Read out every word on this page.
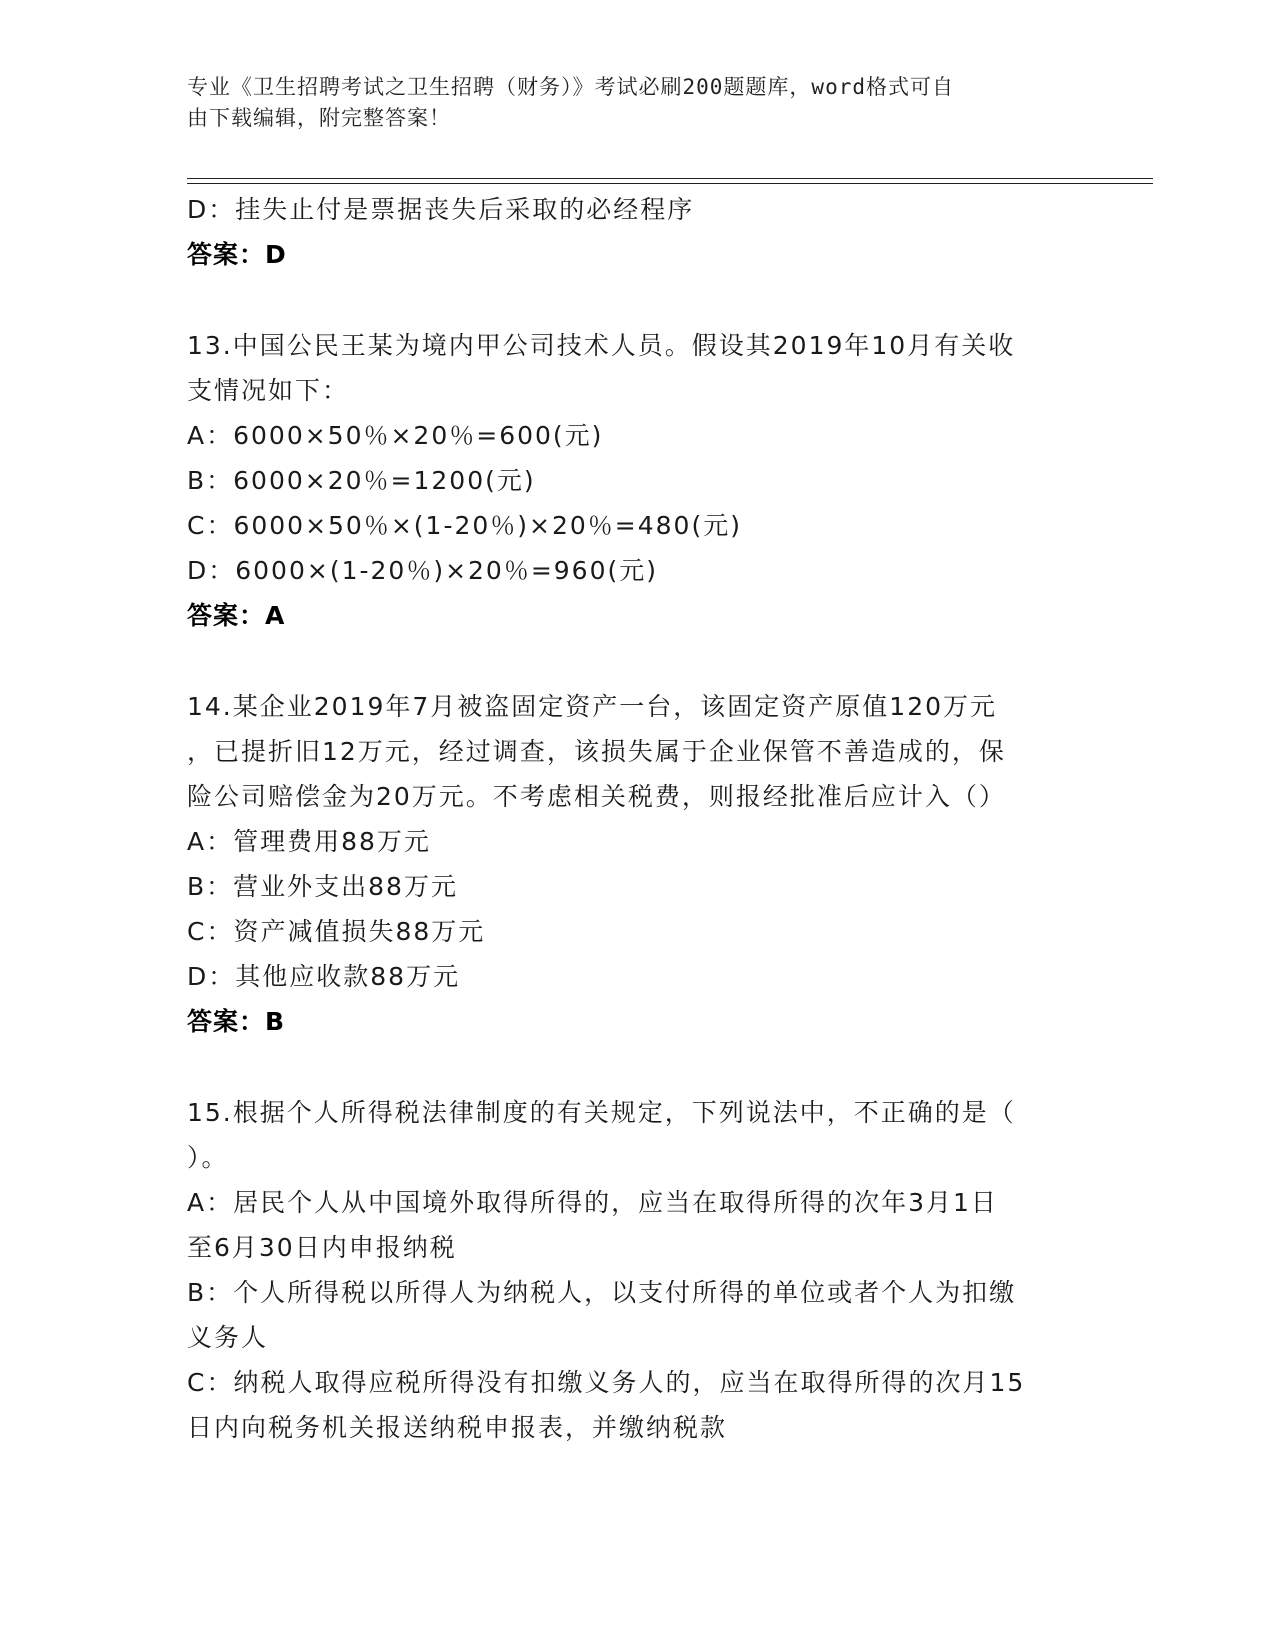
专业《卫生招聘考试之卫生招聘（财务）》考试必刷200题题库，word格式可自
由下载编辑，附完整答案！
D：挂失止付是票据丧失后采取的必经程序
答案：D
13.中国公民王某为境内甲公司技术人员。假设其2019年10月有关收
支情况如下：
A：6000×50％×20％=600(元)
B：6000×20％=1200(元)
C：6000×50％×(1-20％)×20％=480(元)
D：6000×(1-20％)×20％=960(元)
答案：A
14.某企业2019年7月被盗固定资产一台，该固定资产原值120万元
，已提折旧12万元，经过调查，该损失属于企业保管不善造成的，保
险公司赔偿金为20万元。不考虑相关税费，则报经批准后应计入（）
A：管理费用88万元
B：营业外支出88万元
C：资产减值损失88万元
D：其他应收款88万元
答案：B
15.根据个人所得税法律制度的有关规定，下列说法中，不正确的是（
）。
A：居民个人从中国境外取得所得的，应当在取得所得的次年3月1日
至6月30日内申报纳税
B：个人所得税以所得人为纳税人，以支付所得的单位或者个人为扣缴
义务人
C：纳税人取得应税所得没有扣缴义务人的，应当在取得所得的次月15
日内向税务机关报送纳税申报表，并缴纳税款
